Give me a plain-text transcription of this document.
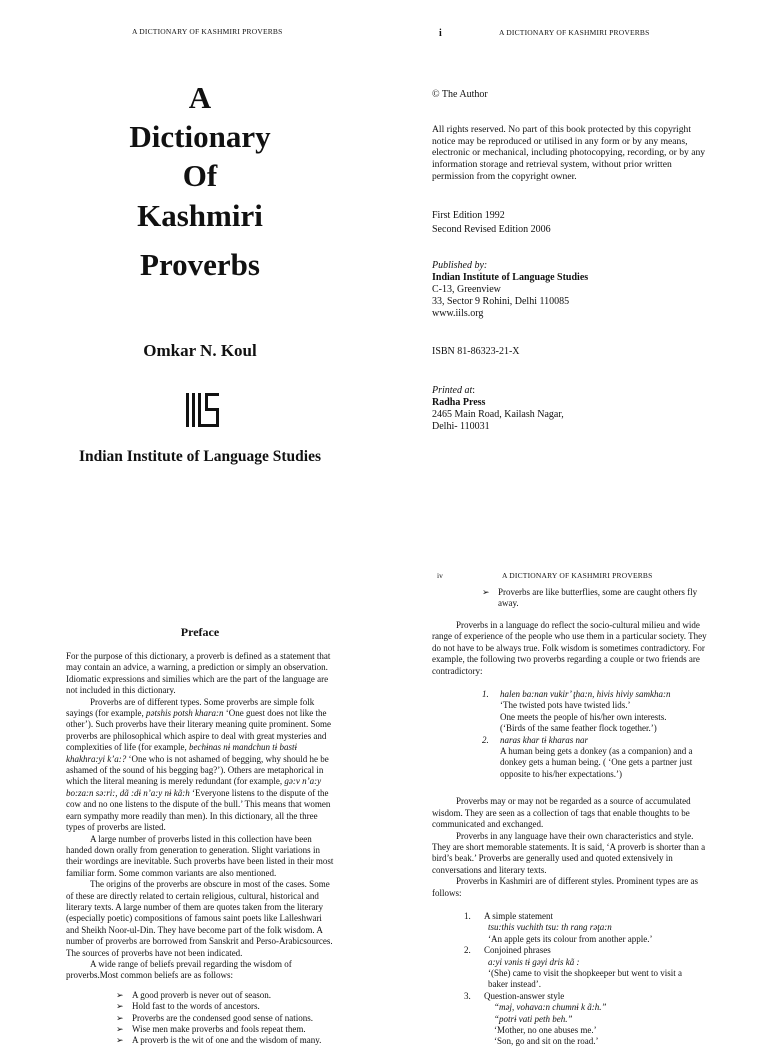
A DICTIONARY OF KASHMIRI PROVERBS
A
Dictionary
Of
Kashmiri
Proverbs
Omkar N. Koul
Indian Institute of Language Studies
i	A DICTIONARY OF KASHMIRI PROVERBS
© The Author
All rights reserved. No part of this book protected by this copyright notice may be reproduced or utilised in any form or by any means, electronic or mechanical, including photocopying, recording, or by any information storage and retrieval system, without prior written permission from the copyright owner.
First Edition 1992
Second Revised Edition 2006
Published by:
Indian Institute of Language Studies
C-13, Greenview
33, Sector 9 Rohini, Delhi 110085
www.iils.org
ISBN 81-86323-21-X
Printed at:
Radha Press
2465 Main Road, Kailash Nagar,
Delhi- 110031
Preface

For the purpose of this dictionary, a proverb is defined as a statement that may contain an advice, a warning, a prediction or simply an observation. Idiomatic expressions and similies which are the part of the language are not included in this dictionary.

Proverbs are of different types. Some proverbs are simple folk sayings (for example, pətshis potsh khara:n ‘One guest does not like the other’). Such proverbs have their literary meaning quite prominent. Some proverbs are philosophical which aspire to deal with great mysteries and complexities of life (for example, bechɨnas nɨ mandchun tɨ bastɨ khakhra:yi k’a:? ‘One who is not ashamed of begging, why should he be ashamed of the sound of his begging bag?’). Others are metaphorical in which the literal meaning is merely redundant (for example, gə:v n’a:y bo:za:n sə:ri:, dã :dɨ n’a:y nɨ kã:h ‘Everyone listens to the dispute of the cow and no one listens to the dispute of the bull.’ This means that women earn sympathy more readily than men). In this dictionary, all the three types of proverbs are listed.

A large number of proverbs listed in this collection have been handed down orally from generation to generation. Slight variations in their wordings are inevitable. Such proverbs have been listed in their most familiar form. Some common variants are also mentioned.

The origins of the proverbs are obscure in most of the cases. Some of these are directly related to certain religious, cultural, historical and literary texts. A large number of them are quotes taken from the literary (especially poetic) compositions of famous saint poets like Lalleshwari and Sheikh Noor-ul-Din. They have become part of the folk wisdom. A number of proverbs are borrowed from Sanskrit and Perso-Arabicsources. The sources of proverbs have not been indicated.

A wide range of beliefs prevail regarding the wisdom of proverbs.Most common beliefs are as follows:

➢ A good proverb is never out of season.
➢ Hold fast to the words of ancestors.
➢ Proverbs are the condensed good sense of nations.
➢ Wise men make proverbs and fools repeat them.
➢ A proverb is the wit of one and the wisdom of many.
iv	A DICTIONARY OF KASHMIRI PROVERBS
➢ Proverbs are like butterflies, some are caught others fly away.

Proverbs in a language do reflect the socio-cultural milieu and wide range of experience of the people who use them in a particular society. They do not have to be always true. Folk wisdom is sometimes contradictory. For example, the following two proverbs regarding a couple or two friends are contradictory:

1. halen ba:nan vukir’ ţha:n, hivis hiviy samkha:n
‘The twisted pots have twisted lids.’
One meets the people of his/her own interests.
(‘Birds of the same feather flock together.’)
2. naras khar tɨ kharas nar
A human being gets a donkey (as a companion) and a donkey gets a human being. ( ‘One gets a partner just opposite to his/her expectations.’)

Proverbs may or may not be regarded as a source of accumulated wisdom. They are seen as a collection of tags that enable thoughts to be communicated and exchanged.

Proverbs in any language have their own characteristics and style. They are short memorable statements. It is said, ‘A proverb is shorter than a bird’s beak.’ Proverbs are generally used and quoted extensively in conversations and literary texts.

Proverbs in Kashmiri are of different styles. Prominent types are as follows:

1. A simple statement
tsu:this vuchith tsu: th rang rəţa:n
‘An apple gets its colour from another apple.’
2. Conjoined phrases
a:yi vənis tɨ gəyi dris kã :
‘(She) came to visit the shopkeeper but went to visit a baker instead’.
3. Question-answer style
“məj, vohava:n chumnɨ k ã:h.”
“potrɨ vati peth beh.”
‘Mother, no one abuses me.’
‘Son, go and sit on the road.’
